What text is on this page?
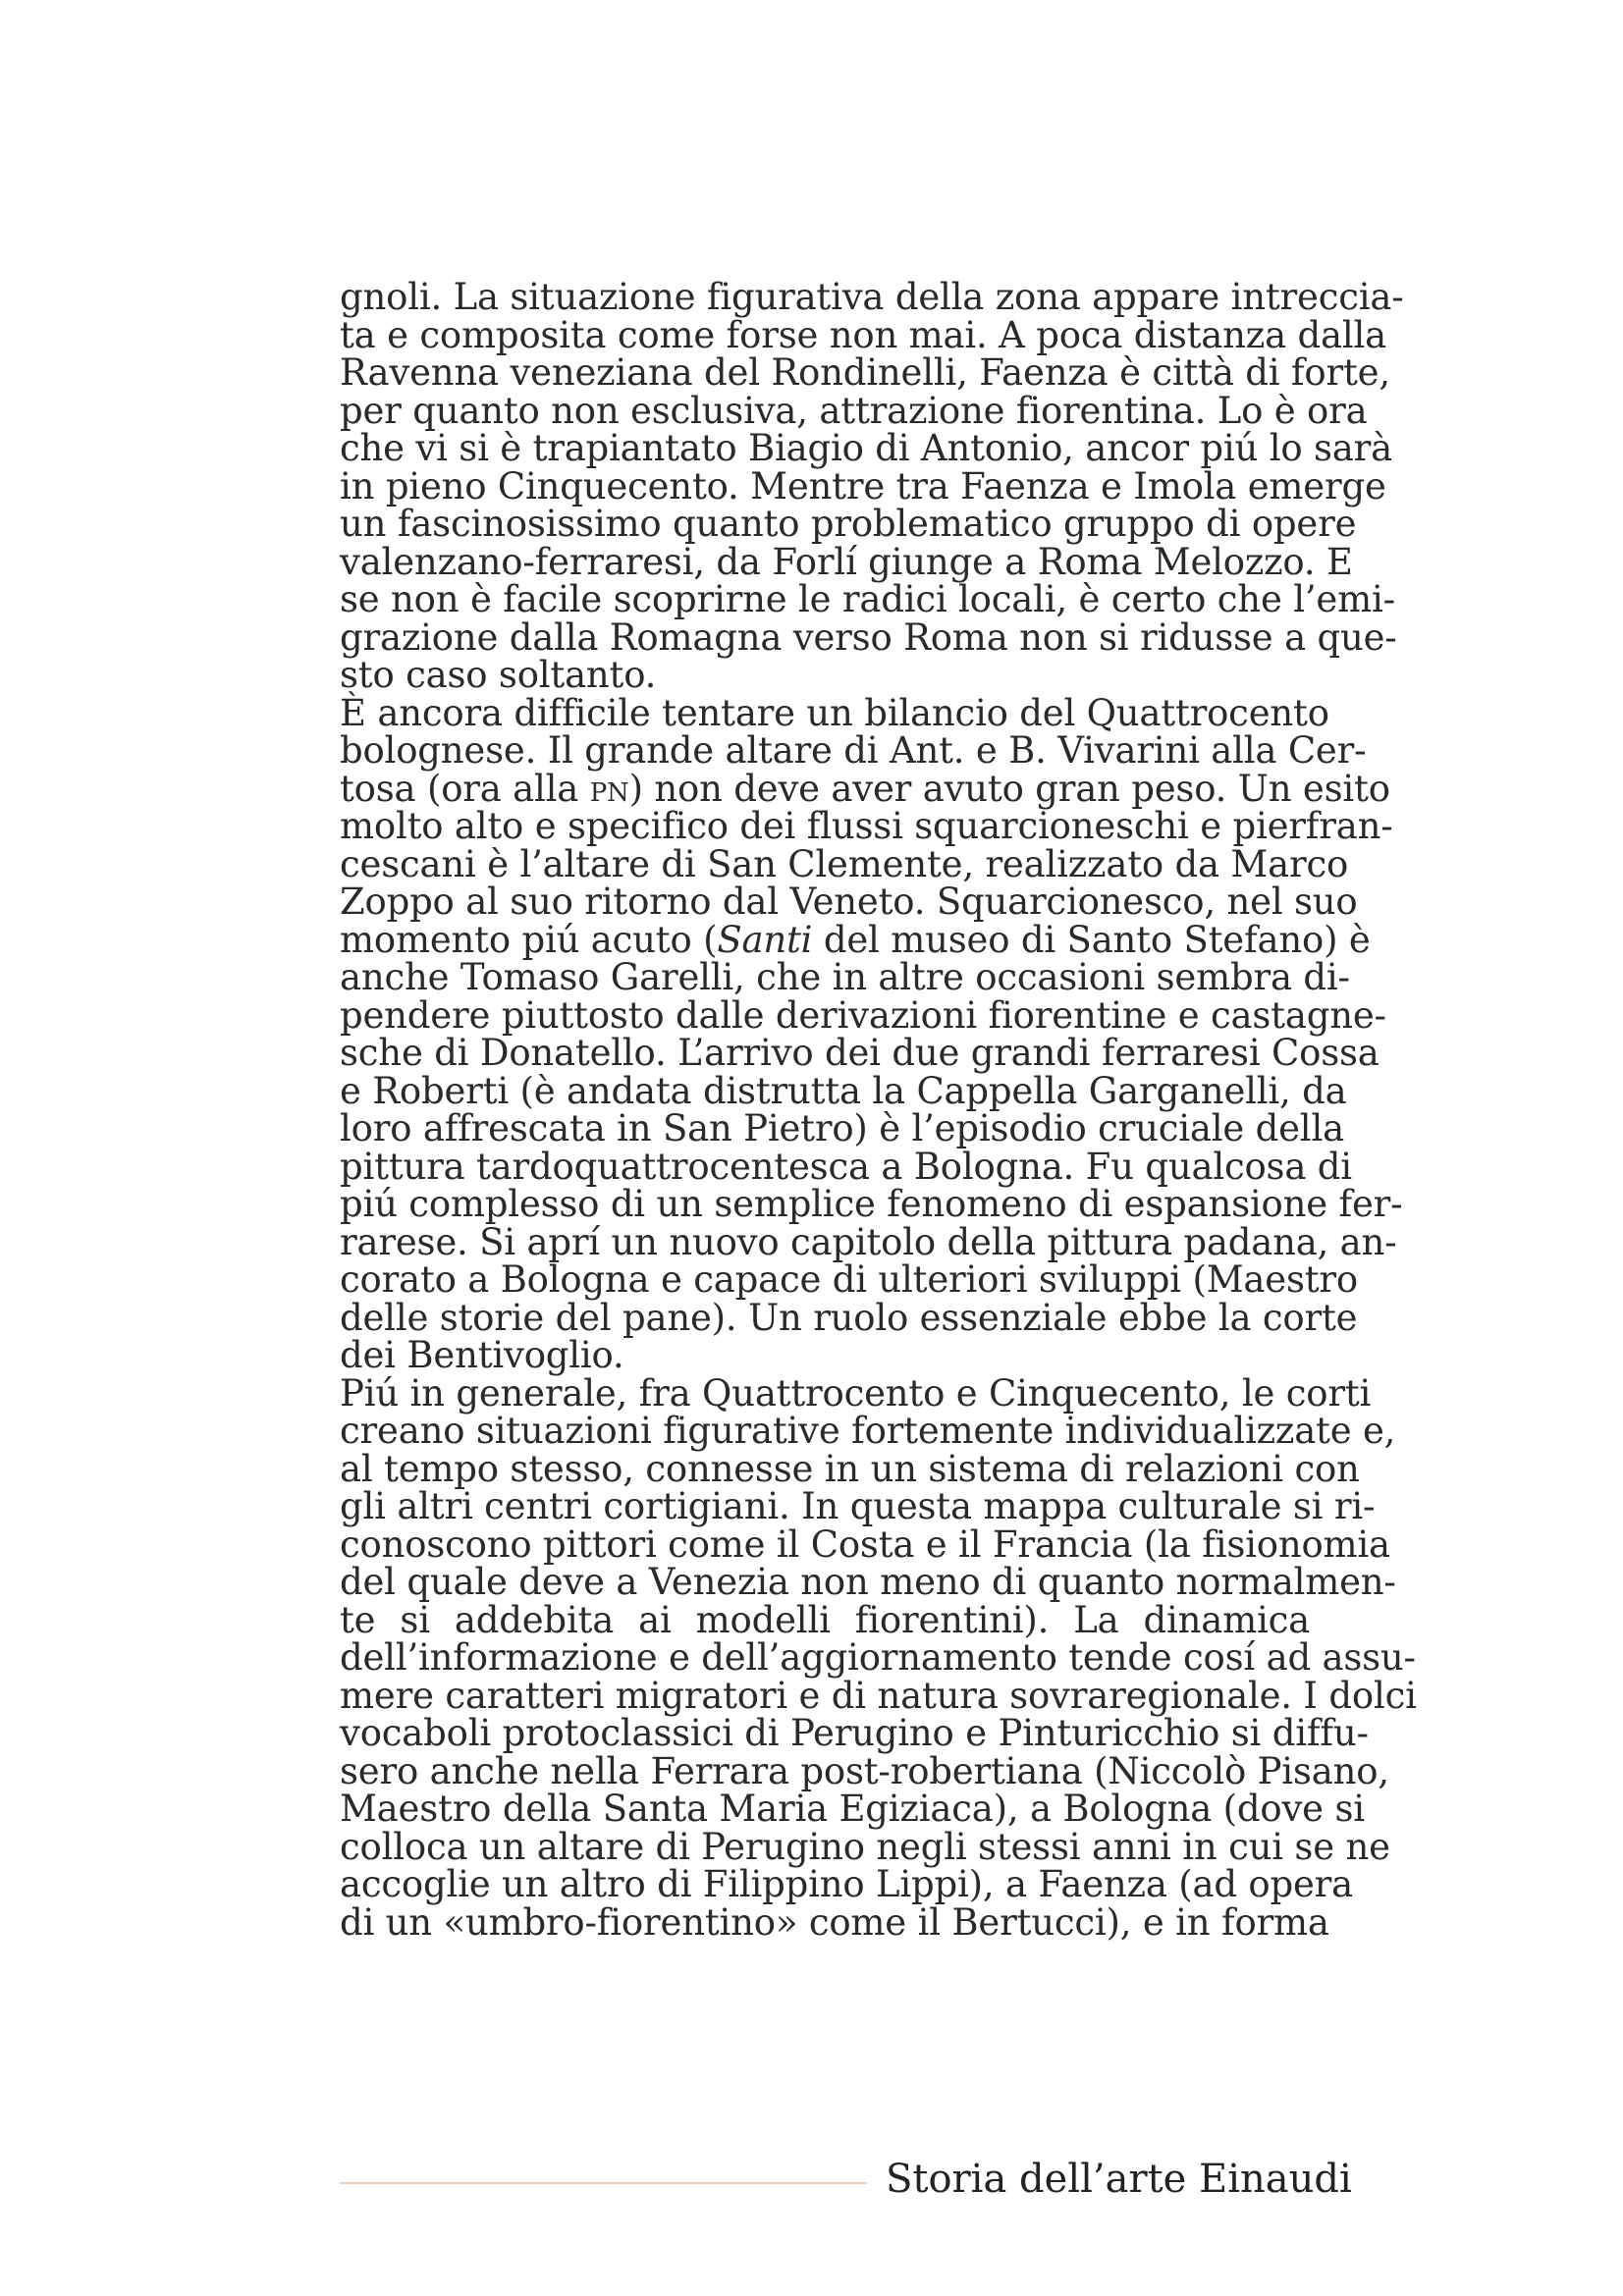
gnoli. La situazione figurativa della zona appare intreccia-
ta e composita come forse non mai. A poca distanza dalla
Ravenna veneziana del Rondinelli, Faenza è città di forte,
per quanto non esclusiva, attrazione fiorentina. Lo è ora
che vi si è trapiantato Biagio di Antonio, ancor piú lo sarà
in pieno Cinquecento. Mentre tra Faenza e Imola emerge
un fascinosissimo quanto problematico gruppo di opere
valenzano-ferraresi, da Forlí giunge a Roma Melozzo. E
se non è facile scoprirne le radici locali, è certo che l’emi-
grazione dalla Romagna verso Roma non si ridusse a que-
sto caso soltanto.
È ancora difficile tentare un bilancio del Quattrocento
bolognese. Il grande altare di Ant. e B. Vivarini alla Cer-
tosa (ora alla pn) non deve aver avuto gran peso. Un esito
molto alto e specifico dei flussi squarcioneschi e pierfran-
cescani è l’altare di San Clemente, realizzato da Marco
Zoppo al suo ritorno dal Veneto. Squarcionesco, nel suo
momento piú acuto (Santi del museo di Santo Stefano) è
anche Tomaso Garelli, che in altre occasioni sembra di-
pendere piuttosto dalle derivazioni fiorentine e castagne-
sche di Donatello. L’arrivo dei due grandi ferraresi Cossa
e Roberti (è andata distrutta la Cappella Garganelli, da
loro affrescata in San Pietro) è l’episodio cruciale della
pittura tardoquattrocentesca a Bologna. Fu qualcosa di
piú complesso di un semplice fenomeno di espansione fer-
rarese. Si aprí un nuovo capitolo della pittura padana, an-
corato a Bologna e capace di ulteriori sviluppi (Maestro
delle storie del pane). Un ruolo essenziale ebbe la corte
dei Bentivoglio.
Piú in generale, fra Quattrocento e Cinquecento, le corti
creano situazioni figurative fortemente individualizzate e,
al tempo stesso, connesse in un sistema di relazioni con
gli altri centri cortigiani. In questa mappa culturale si ri-
conoscono pittori come il Costa e il Francia (la fisionomia
del quale deve a Venezia non meno di quanto normalmen-
te si addebita ai modelli fiorentini). La dinamica
dell’informazione e dell’aggiornamento tende cosí ad assu-
mere caratteri migratori e di natura sovraregionale. I dolci
vocaboli protoclassici di Perugino e Pinturicchio si diffu-
sero anche nella Ferrara post-robertiana (Niccolò Pisano,
Maestro della Santa Maria Egiziaca), a Bologna (dove si
colloca un altare di Perugino negli stessi anni in cui se ne
accoglie un altro di Filippino Lippi), a Faenza (ad opera
di un «umbro-fiorentino» come il Bertucci), e in forma
Storia dell’arte Einaudi
